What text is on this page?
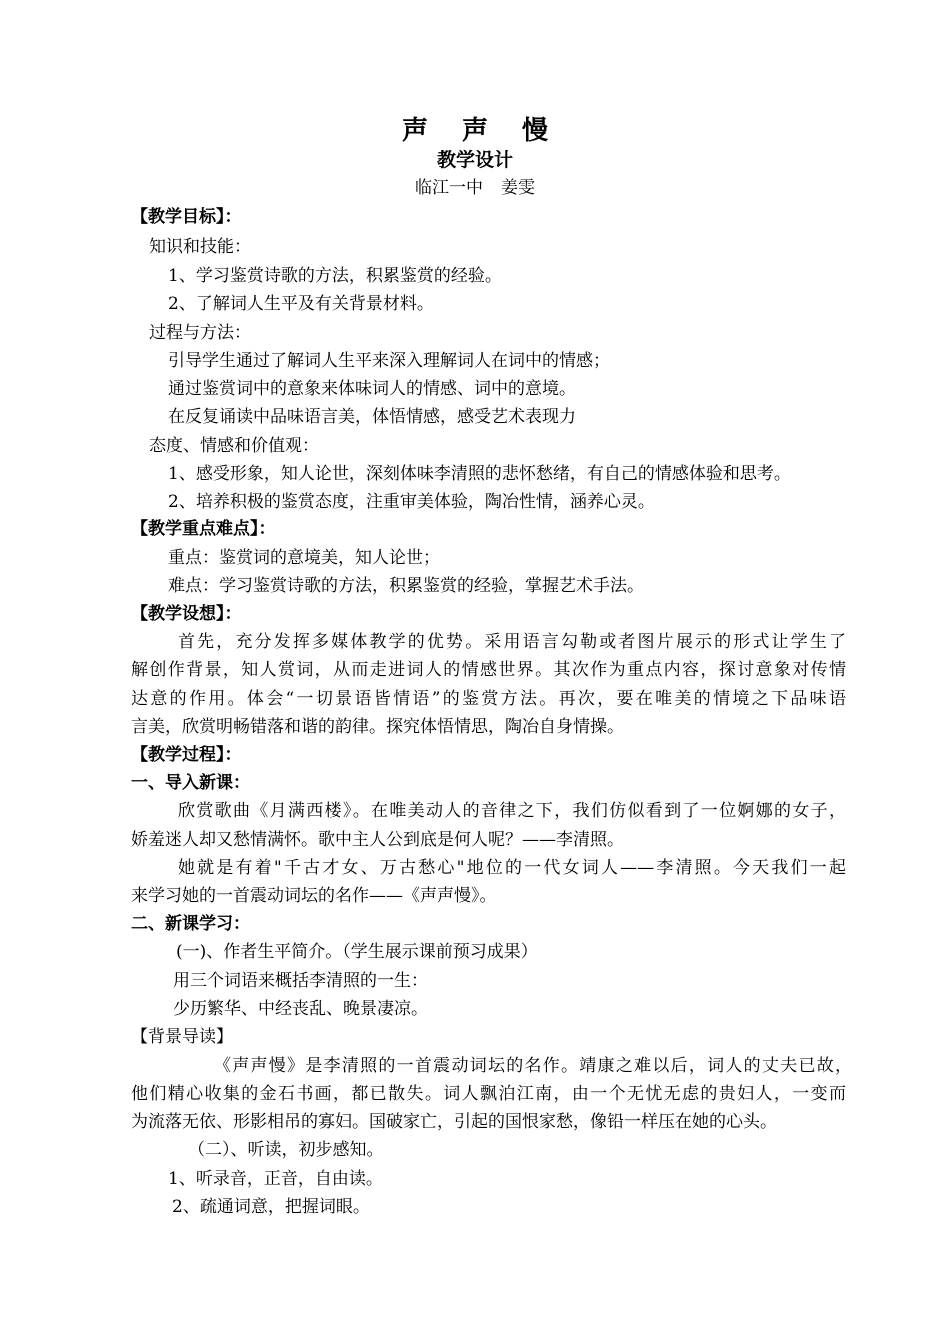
声 声 慢
教学设计
临江一中 姜雯
【教学目标】：
知识和技能：
1、学习鉴赏诗歌的方法，积累鉴赏的经验。
2、了解词人生平及有关背景材料。
过程与方法：
引导学生通过了解词人生平来深入理解词人在词中的情感；
通过鉴赏词中的意象来体味词人的情感、词中的意境。
在反复诵读中品味语言美，体悟情感，感受艺术表现力
态度、情感和价值观：
1、感受形象，知人论世，深刻体味李清照的悲怀愁绪，有自己的情感体验和思考。
2、培养积极的鉴赏态度，注重审美体验，陶冶性情，涵养心灵。
【教学重点难点】：
重点：鉴赏词的意境美，知人论世；
难点：学习鉴赏诗歌的方法，积累鉴赏的经验，掌握艺术手法。
【教学设想】：
首先，充分发挥多媒体教学的优势。采用语言勾勒或者图片展示的形式让学生了
解创作背景，知人赏词，从而走进词人的情感世界。其次作为重点内容，探讨意象对传情
达意的作用。体会“一切景语皆情语”的鉴赏方法。再次，要在唯美的情境之下品味语
言美，欣赏明畅错落和谐的韵律。探究体悟情思，陶冶自身情操。
【教学过程】：
一、导入新课：
欣赏歌曲《月满西楼》。在唯美动人的音律之下，我们仿似看到了一位婀娜的女子，
娇羞迷人却又愁情满怀。歌中主人公到底是何人呢？——李清照。
她就是有着"千古才女、万古愁心"地位的一代女词人——李清照。今天我们一起
来学习她的一首震动词坛的名作——《声声慢》。
二、新课学习：
(一)、作者生平简介。（学生展示课前预习成果）
用三个词语来概括李清照的一生：
少历繁华、中经丧乱、晚景凄凉。
【背景导读】
《声声慢》是李清照的一首震动词坛的名作。靖康之难以后，词人的丈夫已故，
他们精心收集的金石书画，都已散失。词人飘泊江南，由一个无忧无虑的贵妇人，一变而
为流落无依、形影相吊的寡妇。国破家亡，引起的国恨家愁，像铅一样压在她的心头。
（二）、听读，初步感知。
1、听录音，正音，自由读。
2、疏通词意，把握词眼。
